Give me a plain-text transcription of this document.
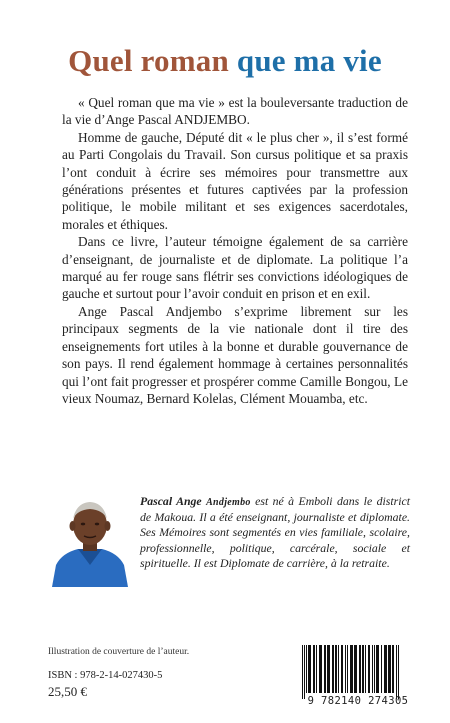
Quel roman que ma vie

« Quel roman que ma vie » est la bouleversante traduction de la vie d’Ange Pascal ANDJEMBO.

Homme de gauche, Député dit « le plus cher », il s’est formé au Parti Congolais du Travail. Son cursus politique et sa praxis l’ont conduit à écrire ses mémoires pour transmettre aux générations présentes et futures captivées par la profession politique, le mobile militant et ses exigences sacerdotales, morales et éthiques.

Dans ce livre, l’auteur témoigne également de sa carrière d’enseignant, de journaliste et de diplomate. La politique l’a marqué au fer rouge sans flétrir ses convictions idéologiques de gauche et surtout pour l’avoir conduit en prison et en exil.

Ange Pascal Andjembo s’exprime librement sur les principaux segments de la vie nationale dont il tire des enseignements fort utiles à la bonne et durable gouvernance de son pays. Il rend également hommage à certaines personnalités qui l’ont fait progresser et prospérer comme Camille Bongou, Le vieux Noumaz, Bernard Kolelas, Clément Mouamba, etc.

Pascal Ange Andjembo est né à Emboli dans le district de Makoua. Il a été enseignant, journaliste et diplomate. Ses Mémoires sont segmentés en vies familiale, scolaire, professionnelle, politique, carcérale, sociale et spirituelle. Il est Diplomate de carrière, à la retraite.

Illustration de couverture de l’auteur.
ISBN : 978-2-14-027430-5
25,50 €
9 782140 274305
